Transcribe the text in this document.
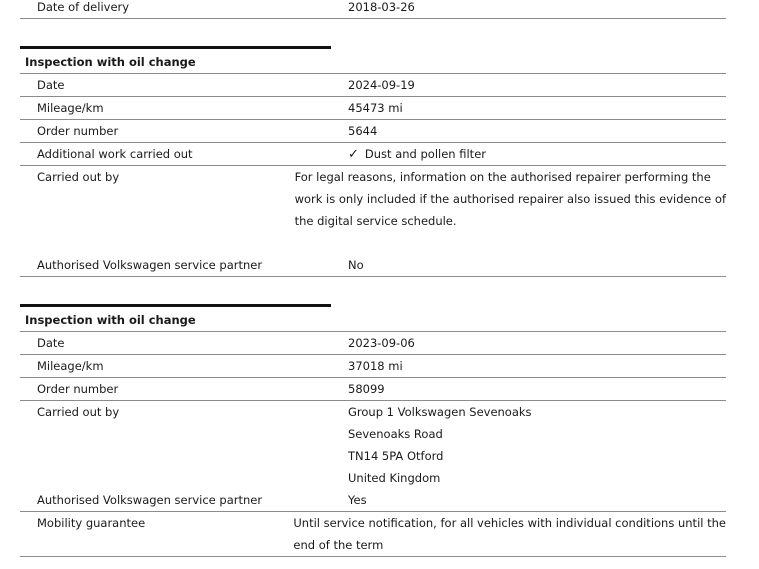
Date of delivery	2018-03-26
Inspection with oil change
Date	2024-09-19
Mileage/km	45473 mi
Order number	5644
Additional work carried out	✓ Dust and pollen filter
Carried out by	For legal reasons, information on the authorised repairer performing the
work is only included if the authorised repairer also issued this evidence of
the digital service schedule.
Authorised Volkswagen service partner	No
Inspection with oil change
Date	2023-09-06
Mileage/km	37018 mi
Order number	58099
Carried out by	Group 1 Volkswagen Sevenoaks
Sevenoaks Road
TN14 5PA Otford
United Kingdom
Authorised Volkswagen service partner	Yes
Mobility guarantee	Until service notification, for all vehicles with individual conditions until the
end of the term
